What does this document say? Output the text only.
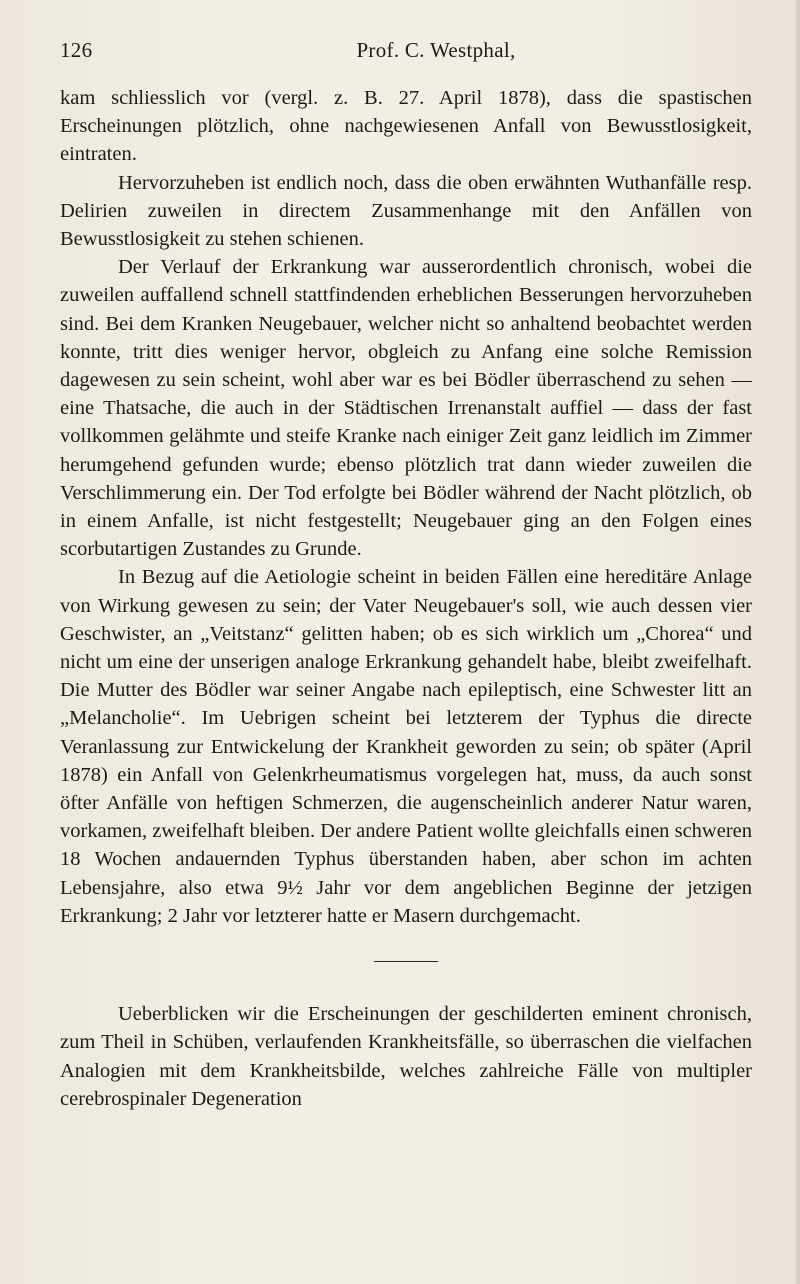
126	Prof. C. Westphal,

kam schliesslich vor (vergl. z. B. 27. April 1878), dass die spastischen Erscheinungen plötzlich, ohne nachgewiesenen Anfall von Bewusstlosigkeit, eintraten.

Hervorzuheben ist endlich noch, dass die oben erwähnten Wuthanfälle resp. Delirien zuweilen in directem Zusammenhange mit den Anfällen von Bewusstlosigkeit zu stehen schienen.

Der Verlauf der Erkrankung war ausserordentlich chronisch, wobei die zuweilen auffallend schnell stattfindenden erheblichen Besserungen hervorzuheben sind. Bei dem Kranken Neugebauer, welcher nicht so anhaltend beobachtet werden konnte, tritt dies weniger hervor, obgleich zu Anfang eine solche Remission dagewesen zu sein scheint, wohl aber war es bei Bödler überraschend zu sehen — eine Thatsache, die auch in der Städtischen Irrenanstalt auffiel — dass der fast vollkommen gelähmte und steife Kranke nach einiger Zeit ganz leidlich im Zimmer herumgehend gefunden wurde; ebenso plötzlich trat dann wieder zuweilen die Verschlimmerung ein. Der Tod erfolgte bei Bödler während der Nacht plötzlich, ob in einem Anfalle, ist nicht festgestellt; Neugebauer ging an den Folgen eines scorbutartigen Zustandes zu Grunde.

In Bezug auf die Aetiologie scheint in beiden Fällen eine hereditäre Anlage von Wirkung gewesen zu sein; der Vater Neugebauer's soll, wie auch dessen vier Geschwister, an „Veitstanz“ gelitten haben; ob es sich wirklich um „Chorea“ und nicht um eine der unserigen analoge Erkrankung gehandelt habe, bleibt zweifelhaft. Die Mutter des Bödler war seiner Angabe nach epileptisch, eine Schwester litt an „Melancholie“. Im Uebrigen scheint bei letzterem der Typhus die directe Veranlassung zur Entwickelung der Krankheit geworden zu sein; ob später (April 1878) ein Anfall von Gelenkrheumatismus vorgelegen hat, muss, da auch sonst öfter Anfälle von heftigen Schmerzen, die augenscheinlich anderer Natur waren, vorkamen, zweifelhaft bleiben. Der andere Patient wollte gleichfalls einen schweren 18 Wochen andauernden Typhus überstanden haben, aber schon im achten Lebensjahre, also etwa 9½ Jahr vor dem angeblichen Beginne der jetzigen Erkrankung; 2 Jahr vor letzterer hatte er Masern durchgemacht.

Ueberblicken wir die Erscheinungen der geschilderten eminent chronisch, zum Theil in Schüben, verlaufenden Krankheitsfälle, so überraschen die vielfachen Analogien mit dem Krankheitsbilde, welches zahlreiche Fälle von multipler cerebrospinaler Degeneration
